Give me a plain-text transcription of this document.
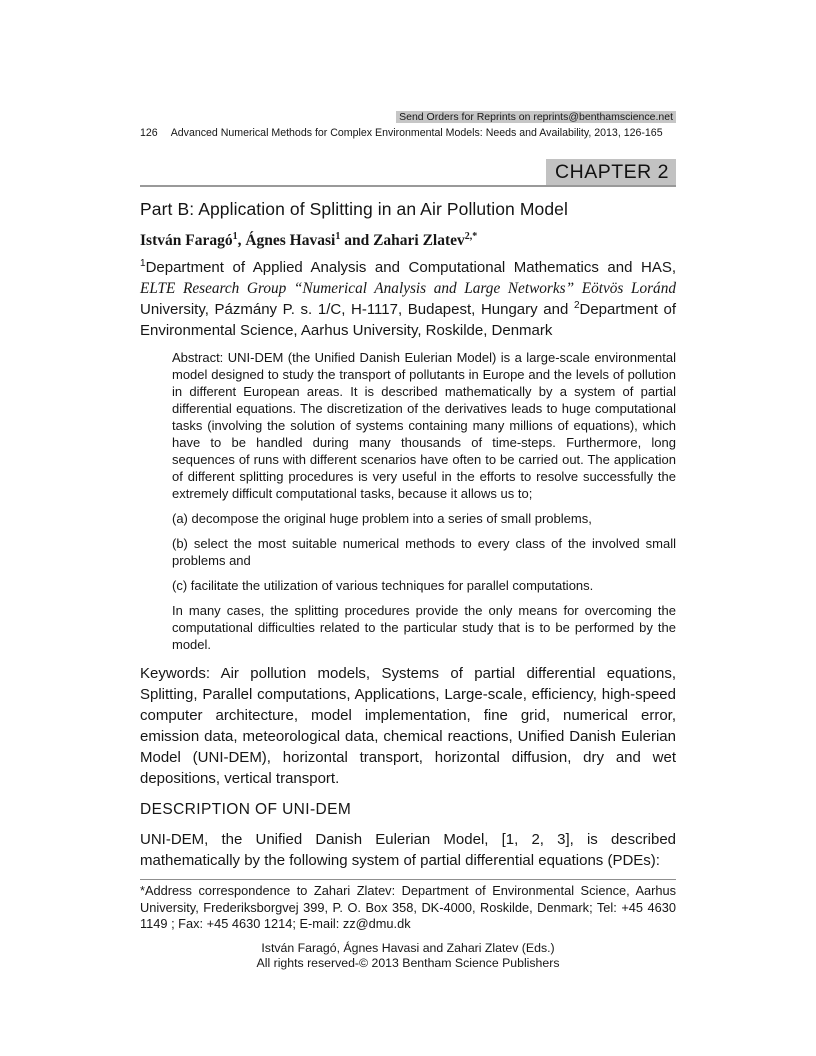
Send Orders for Reprints on reprints@benthamscience.net
126 Advanced Numerical Methods for Complex Environmental Models: Needs and Availability, 2013, 126-165
CHAPTER 2
Part B: Application of Splitting in an Air Pollution Model
István Faragó$^1$, Ágnes Havasi$^1$ and Zahari Zlatev$^{2,*}$
$^1$Department of Applied Analysis and Computational Mathematics and HAS,
ELTE Research Group “Numerical Analysis and Large Networks” Eötvös Loránd
University, Pázmány P. s. 1/C, H-1117, Budapest, Hungary and $^2$Department of
Environmental Science, Aarhus University, Roskilde, Denmark

Abstract: UNI-DEM (the Unified Danish Eulerian Model) is a large-scale environmental model designed to study the transport of pollutants in Europe and the levels of pollution in different European areas. It is described mathematically by a system of partial differential equations. The discretization of the derivatives leads to huge computational tasks (involving the solution of systems containing many millions of equations), which have to be handled during many thousands of time-steps. Furthermore, long sequences of runs with different scenarios have often to be carried out. The application of different splitting procedures is very useful in the efforts to resolve successfully the extremely difficult computational tasks, because it allows us to;

(a) decompose the original huge problem into a series of small problems,

(b) select the most suitable numerical methods to every class of the involved small problems and

(c) facilitate the utilization of various techniques for parallel computations.

In many cases, the splitting procedures provide the only means for overcoming the computational difficulties related to the particular study that is to be performed by the model.

Keywords: Air pollution models, Systems of partial differential equations, Splitting, Parallel computations, Applications, Large-scale, efficiency, high-speed computer architecture, model implementation, fine grid, numerical error, emission data, meteorological data, chemical reactions, Unified Danish Eulerian Model (UNI-DEM), horizontal transport, horizontal diffusion, dry and wet depositions, vertical transport.
DESCRIPTION OF UNI-DEM
UNI-DEM, the Unified Danish Eulerian Model, [1, 2, 3], is described mathematically by the following system of partial differential equations (PDEs):
*Address correspondence to Zahari Zlatev: Department of Environmental Science, Aarhus University, Frederiksborgvej 399, P. O. Box 358, DK-4000, Roskilde, Denmark; Tel: +45 4630 1149 ; Fax: +45 4630 1214; E-mail: zz@dmu.dk
István Faragó, Ágnes Havasi and Zahari Zlatev (Eds.)
All rights reserved-© 2013 Bentham Science Publishers
